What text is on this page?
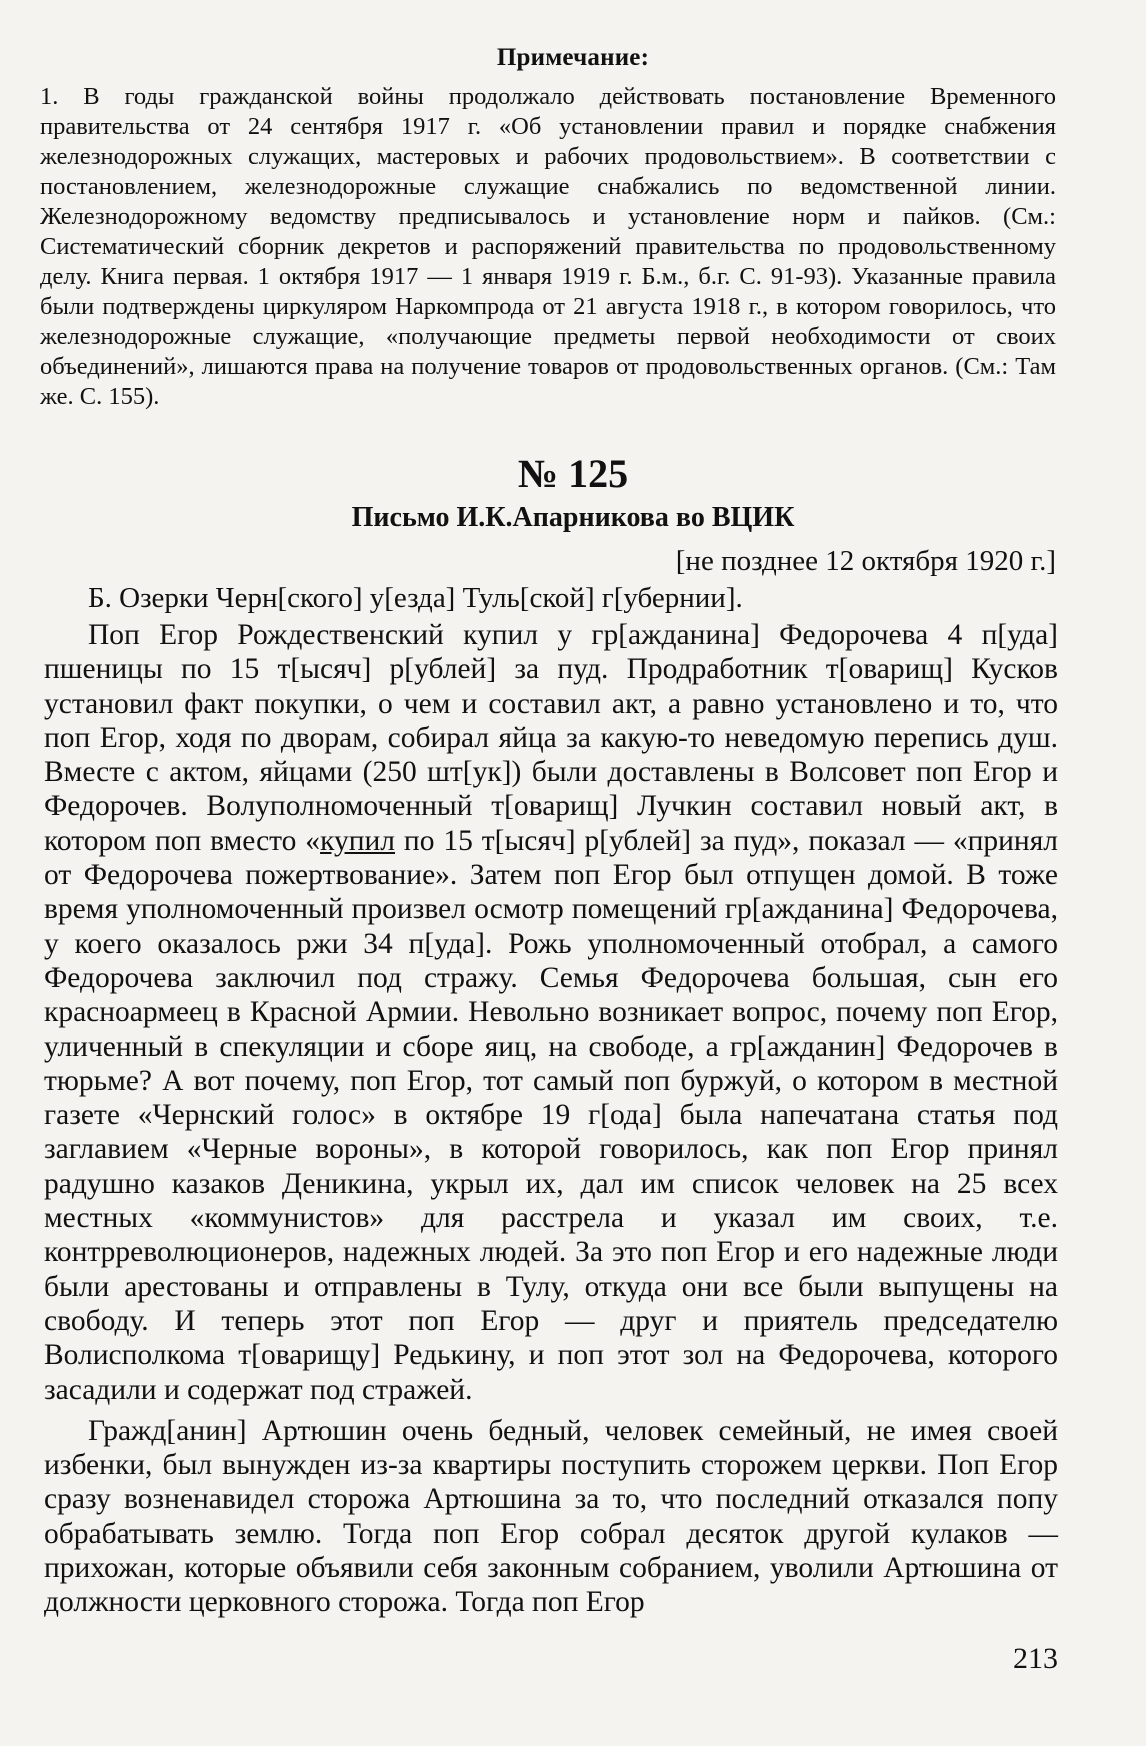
Примечание:
1. В годы гражданской войны продолжало действовать постановление Временного правительства от 24 сентября 1917 г. «Об установлении правил и порядке снабжения железнодорожных служащих, мастеровых и рабочих продовольствием». В соответствии с постановлением, железнодорожные служащие снабжались по ведомственной линии. Железнодорожному ведомству предписывалось и установление норм и пайков. (См.: Систематический сборник декретов и распоряжений правительства по продовольственному делу. Книга первая. 1 октября 1917 — 1 января 1919 г. Б.м., б.г. С. 91-93). Указанные правила были подтверждены циркуляром Наркомпрода от 21 августа 1918 г., в котором говорилось, что железнодорожные служащие, «получающие предметы первой необходимости от своих объединений», лишаются права на получение товаров от продовольственных органов. (См.: Там же. С. 155).
№ 125
Письмо И.К.Апарникова во ВЦИК
[не позднее 12 октября 1920 г.]
Б. Озерки Черн[ского] у[езда] Туль[ской] г[убернии].

Поп Егор Рождественский купил у гр[ажданина] Федорочева 4 п[уда] пшеницы по 15 т[ысяч] р[ублей] за пуд. Продработник т[оварищ] Кусков установил факт покупки, о чем и составил акт, а равно установлено и то, что поп Егор, ходя по дворам, собирал яйца за какую-то неведомую перепись душ. Вместе с актом, яйцами (250 шт[ук]) были доставлены в Волсовет поп Егор и Федорочев. Волуполномоченный т[оварищ] Лучкин составил новый акт, в котором поп вместо «купил по 15 т[ысяч] р[ублей] за пуд», показал — «принял от Федорочева пожертвование». Затем поп Егор был отпущен домой. В тоже время уполномоченный произвел осмотр помещений гр[ажданина] Федорочева, у коего оказалось ржи 34 п[уда]. Рожь уполномоченный отобрал, а самого Федорочева заключил под стражу. Семья Федорочева большая, сын его красноармеец в Красной Армии. Невольно возникает вопрос, почему поп Егор, уличенный в спекуляции и сборе яиц, на свободе, а гр[ажданин] Федорочев в тюрьме? А вот почему, поп Егор, тот самый поп буржуй, о котором в местной газете «Чернский голос» в октябре 19 г[ода] была напечатана статья под заглавием «Черные вороны», в которой говорилось, как поп Егор принял радушно казаков Деникина, укрыл их, дал им список человек на 25 всех местных «коммунистов» для расстрела и указал им своих, т.е. контрреволюционеров, надежных людей. За это поп Егор и его надежные люди были арестованы и отправлены в Тулу, откуда они все были выпущены на свободу. И теперь этот поп Егор — друг и приятель председателю Волисполкома т[оварищу] Редькину, и поп этот зол на Федорочева, которого засадили и содержат под стражей.

Гражд[анин] Артюшин очень бедный, человек семейный, не имея своей избенки, был вынужден из-за квартиры поступить сторожем церкви. Поп Егор сразу возненавидел сторожа Артюшина за то, что последний отказался попу обрабатывать землю. Тогда поп Егор собрал десяток другой кулаков — прихожан, которые объявили себя законным собранием, уволили Артюшина от должности церковного сторожа. Тогда поп Егор

213
